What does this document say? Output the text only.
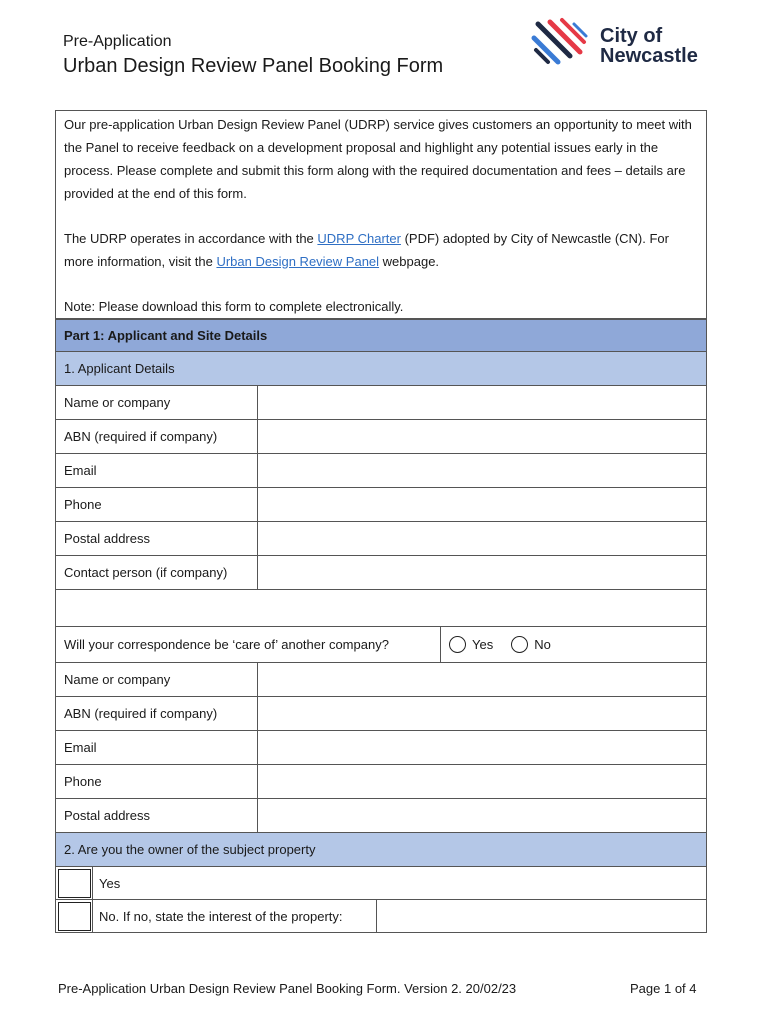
Pre-Application
Urban Design Review Panel Booking Form
City of
Newcastle

Our pre-application Urban Design Review Panel (UDRP) service gives customers an opportunity to meet with the Panel to receive feedback on a development proposal and highlight any potential issues early in the process. Please complete and submit this form along with the required documentation and fees – details are provided at the end of this form.

The UDRP operates in accordance with the UDRP Charter (PDF) adopted by City of Newcastle (CN). For more information, visit the Urban Design Review Panel webpage.

Note: Please download this form to complete electronically.

Part 1: Applicant and Site Details
1. Applicant Details
Name or company
ABN (required if company)
Email
Phone
Postal address
Contact person (if company)
Will your correspondence be ‘care of’ another company?	Yes	No
Name or company
ABN (required if company)
Email
Phone
Postal address
2. Are you the owner of the subject property
Yes
No. If no, state the interest of the property:
Pre-Application Urban Design Review Panel Booking Form. Version 2. 20/02/23	Page 1 of 4
